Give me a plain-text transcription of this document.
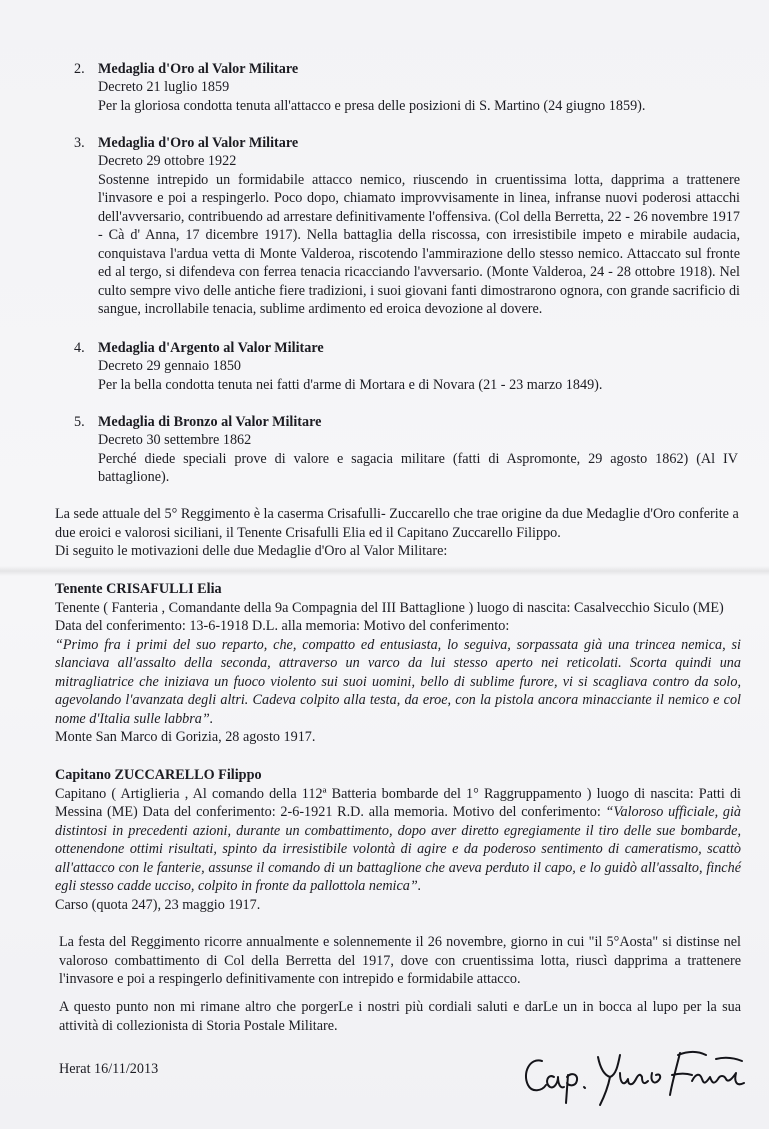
2. Medaglia d'Oro al Valor Militare
Decreto 21 luglio 1859
Per la gloriosa condotta tenuta all'attacco e presa delle posizioni di S. Martino (24 giugno 1859).
3. Medaglia d'Oro al Valor Militare
Decreto 29 ottobre 1922
Sostenne intrepido un formidabile attacco nemico, riuscendo in cruentissima lotta, dapprima a trattenere l'invasore e poi a respingerlo. Poco dopo, chiamato improvvisamente in linea, infranse nuovi poderosi attacchi dell'avversario, contribuendo ad arrestare definitivamente l'offensiva. (Col della Berretta, 22 - 26 novembre 1917 - Cà d' Anna, 17 dicembre 1917). Nella battaglia della riscossa, con irresistibile impeto e mirabile audacia, conquistava l'ardua vetta di Monte Valderoa, riscotendo l'ammirazione dello stesso nemico. Attaccato sul fronte ed al tergo, si difendeva con ferrea tenacia ricacciando l'avversario. (Monte Valderoa, 24 - 28 ottobre 1918). Nel culto sempre vivo delle antiche fiere tradizioni, i suoi giovani fanti dimostrarono ognora, con grande sacrificio di sangue, incrollabile tenacia, sublime ardimento ed eroica devozione al dovere.
4. Medaglia d'Argento al Valor Militare
Decreto 29 gennaio 1850
Per la bella condotta tenuta nei fatti d'arme di Mortara e di Novara (21 - 23 marzo 1849).
5. Medaglia di Bronzo al Valor Militare
Decreto 30 settembre 1862
Perché diede speciali prove di valore e sagacia militare (fatti di Aspromonte, 29 agosto 1862) (Al IV battaglione).
La sede attuale del 5° Reggimento è la caserma Crisafulli- Zuccarello che trae origine da due Medaglie d'Oro conferite a due eroici e valorosi siciliani, il Tenente Crisafulli Elia ed il Capitano Zuccarello Filippo.
Di seguito le motivazioni delle due Medaglie d'Oro al Valor Militare:
Tenente CRISAFULLI Elia
Tenente ( Fanteria , Comandante della 9a Compagnia del III Battaglione ) luogo di nascita: Casalvecchio Siculo (ME)
Data del conferimento: 13-6-1918 D.L. alla memoria: Motivo del conferimento:
“Primo fra i primi del suo reparto, che, compatto ed entusiasta, lo seguiva, sorpassata già una trincea nemica, si slanciava all'assalto della seconda, attraverso un varco da lui stesso aperto nei reticolati. Scorta quindi una mitragliatrice che iniziava un fuoco violento sui suoi uomini, bello di sublime furore, vi si scagliava contro da solo, agevolando l'avanzata degli altri. Cadeva colpito alla testa, da eroe, con la pistola ancora minacciante il nemico e col nome d'Italia sulle labbra”.
Monte San Marco di Gorizia, 28 agosto 1917.
Capitano ZUCCARELLO Filippo
Capitano ( Artiglieria , Al comando della 112ª Batteria bombarde del 1° Raggruppamento ) luogo di nascita: Patti di Messina (ME) Data del conferimento: 2-6-1921 R.D. alla memoria. Motivo del conferimento: “Valoroso ufficiale, già distintosi in precedenti azioni, durante un combattimento, dopo aver diretto egregiamente il tiro delle sue bombarde, ottenendone ottimi risultati, spinto da irresistibile volontà di agire e da poderoso sentimento di cameratismo, scattò all'attacco con le fanterie, assunse il comando di un battaglione che aveva perduto il capo, e lo guidò all'assalto, finché egli stesso cadde ucciso, colpito in fronte da pallottola nemica”.
Carso (quota 247), 23 maggio 1917.
La festa del Reggimento ricorre annualmente e solennemente il 26 novembre, giorno in cui "il 5°Aosta" si distinse nel valoroso combattimento di Col della Berretta del 1917, dove con cruentissima lotta, riuscì dapprima a trattenere l'invasore e poi a respingerlo definitivamente con intrepido e formidabile attacco.
A questo punto non mi rimane altro che porgerLe i nostri più cordiali saluti e darLe un in bocca al lupo per la sua attività di collezionista di Storia Postale Militare.
Herat 16/11/2013
